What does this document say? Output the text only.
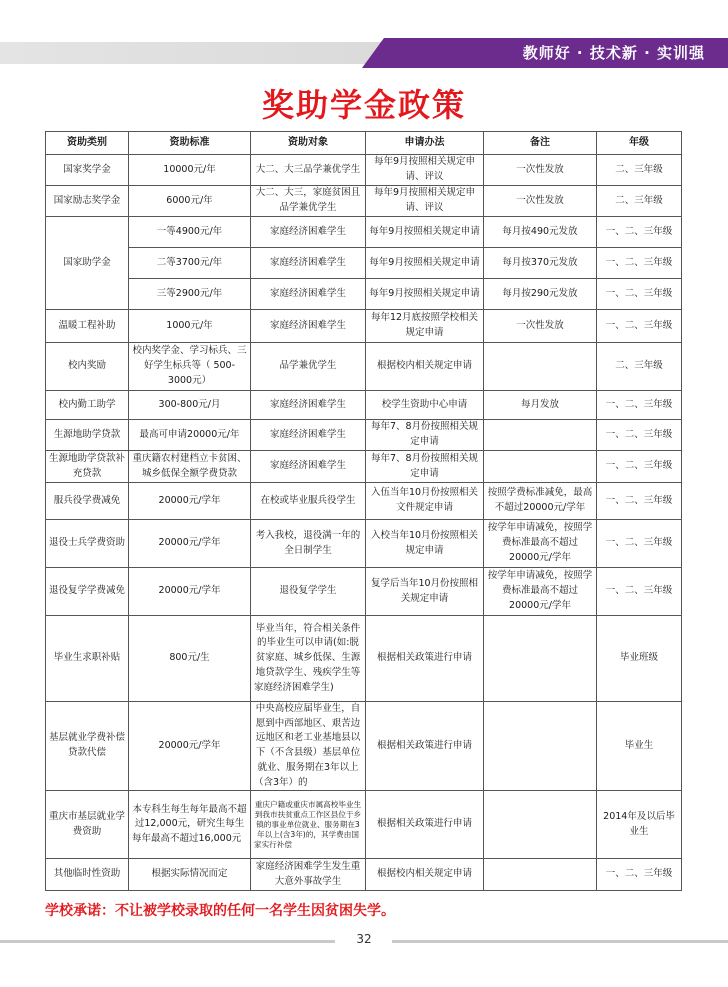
教师好 · 技术新 · 实训强
奖助学金政策
资助类别	资助标准	资助对象	申请办法	备注	年级
国家奖学金	10000元/年	大二、大三品学兼优学生	每年9月按照相关规定申请、评议	一次性发放	二、三年级
国家励志奖学金	6000元/年	大二、大三，家庭贫困且品学兼优学生	每年9月按照相关规定申请、评议	一次性发放	二、三年级
国家助学金	一等4900元/年	家庭经济困难学生	每年9月按照相关规定申请	每月按490元发放	一、二、三年级
	二等3700元/年	家庭经济困难学生	每年9月按照相关规定申请	每月按370元发放	一、二、三年级
	三等2900元/年	家庭经济困难学生	每年9月按照相关规定申请	每月按290元发放	一、二、三年级
温暖工程补助	1000元/年	家庭经济困难学生	每年12月底按照学校相关规定申请	一次性发放	一、二、三年级
校内奖励	校内奖学金、学习标兵、三好学生标兵等（ 500-3000元）	品学兼优学生	根据校内相关规定申请		二、三年级
校内勤工助学	300-800元/月	家庭经济困难学生	校学生资助中心申请	每月发放	一、二、三年级
生源地助学贷款	最高可申请20000元/年	家庭经济困难学生	每年7、8月份按照相关规定申请		一、二、三年级
生源地助学贷款补充贷款	重庆籍农村建档立卡贫困、城乡低保全额学费贷款	家庭经济困难学生	每年7、8月份按照相关规定申请		一、二、三年级
服兵役学费减免	20000元/学年	在校或毕业服兵役学生	入伍当年10月份按照相关文件规定申请	按照学费标准减免，最高不超过20000元/学年	一、二、三年级
退役士兵学费资助	20000元/学年	考入我校，退役满一年的全日制学生	入校当年10月份按照相关规定申请	按学年申请减免，按照学费标准最高不超过20000元/学年	一、二、三年级
退役复学学费减免	20000元/学年	退役复学学生	复学后当年10月份按照相关规定申请	按学年申请减免，按照学费标准最高不超过20000元/学年	一、二、三年级
毕业生求职补贴	800元/生	毕业当年，符合相关条件的毕业生可以申请(如:脱贫家庭、城乡低保、生源地贷款学生、残疾学生等家庭经济困难学生)	根据相关政策进行申请		毕业班级
基层就业学费补偿贷款代偿	20000元/学年	中央高校应届毕业生，自愿到中西部地区、艰苦边远地区和老工业基地县以下（不含县级）基层单位就业、服务期在3年以上（含3年）的	根据相关政策进行申请		毕业生
重庆市基层就业学费资助	本专科生每生每年最高不超过12,000元，研究生每生每年最高不超过16,000元	重庆户籍或重庆市属高校毕业生到我市扶贫重点工作区县位于乡镇的事业单位就业、服务期在3年以上(含3年)的，其学费由国家实行补偿	根据相关政策进行申请		2014年及以后毕业生
其他临时性资助	根据实际情况而定	家庭经济困难学生发生重大意外事故学生	根据校内相关规定申请		一、二、三年级
学校承诺：不让被学校录取的任何一名学生因贫困失学。
32
